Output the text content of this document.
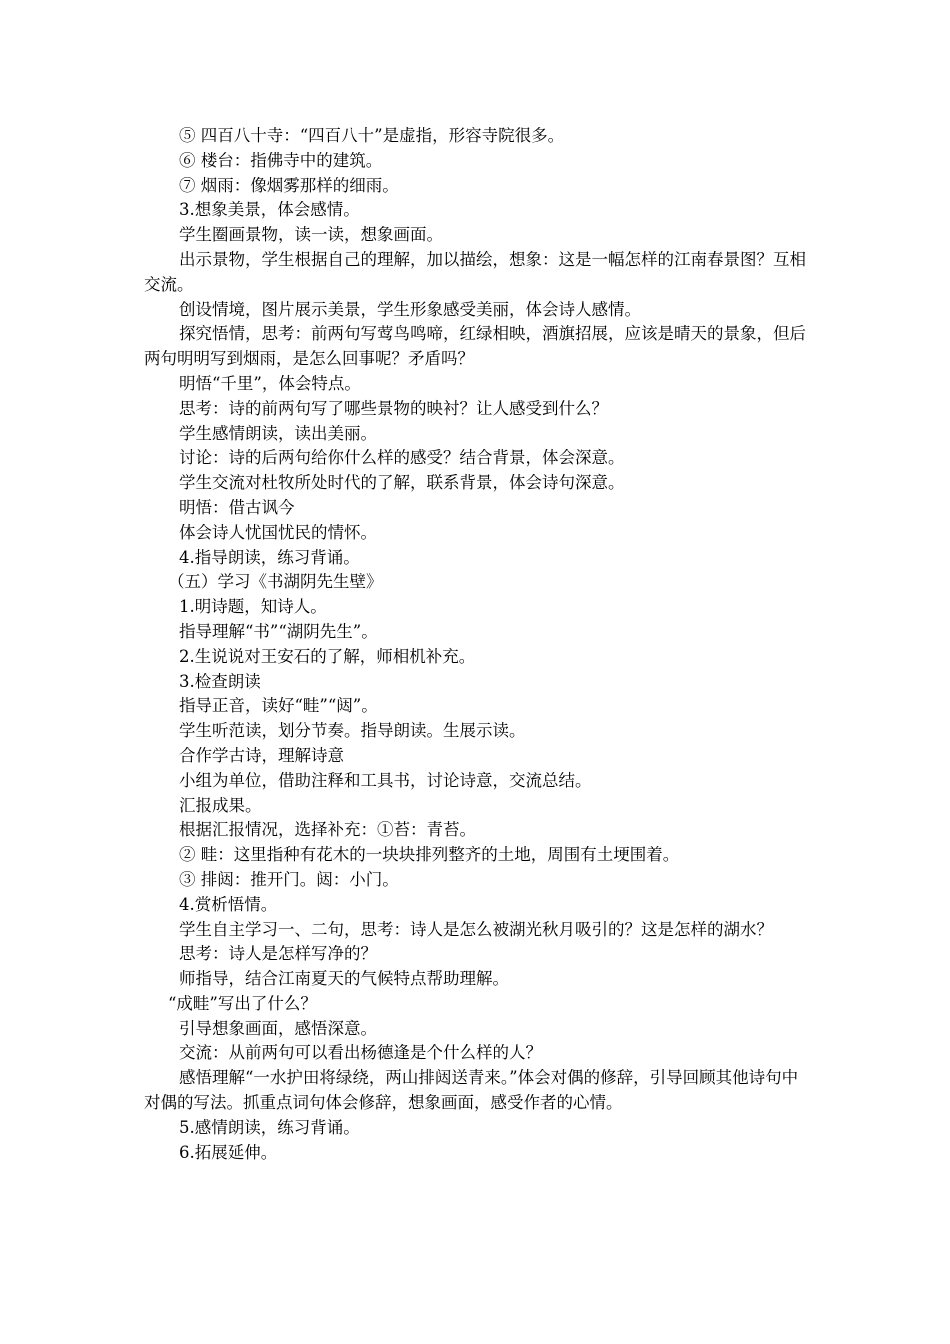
⑤ 四百八十寺：“四百八十”是虚指，形容寺院很多。

⑥ 楼台：指佛寺中的建筑。

⑦ 烟雨：像烟雾那样的细雨。

3.想象美景，体会感情。

学生圈画景物，读一读，想象画面。

出示景物，学生根据自己的理解，加以描绘，想象：这是一幅怎样的江南春景图？互相交流。

创设情境，图片展示美景，学生形象感受美丽，体会诗人感情。

探究悟情，思考：前两句写莺鸟鸣啼，红绿相映，酒旗招展，应该是晴天的景象，但后两句明明写到烟雨，是怎么回事呢？矛盾吗？

明悟“千里”，体会特点。

思考：诗的前两句写了哪些景物的映衬？让人感受到什么？

学生感情朗读，读出美丽。

讨论：诗的后两句给你什么样的感受？结合背景，体会深意。

学生交流对杜牧所处时代的了解，联系背景，体会诗句深意。

明悟：借古讽今

体会诗人忧国忧民的情怀。

4.指导朗读，练习背诵。

（五）学习《书湖阴先生壁》

1.明诗题，知诗人。

指导理解“书”“湖阴先生”。

2.生说说对王安石的了解，师相机补充。

3.检查朗读

指导正音，读好“畦”“闼”。

学生听范读，划分节奏。指导朗读。生展示读。

合作学古诗，理解诗意

小组为单位，借助注释和工具书，讨论诗意，交流总结。

汇报成果。

根据汇报情况，选择补充：①苔：青苔。

② 畦：这里指种有花木的一块块排列整齐的土地，周围有土埂围着。

③ 排闼：推开门。闼：小门。

4.赏析悟情。

学生自主学习一、二句，思考：诗人是怎么被湖光秋月吸引的？这是怎样的湖水？

思考：诗人是怎样写净的？

师指导，结合江南夏天的气候特点帮助理解。

“成畦”写出了什么？

引导想象画面，感悟深意。

交流：从前两句可以看出杨德逢是个什么样的人？

感悟理解“一水护田将绿绕，两山排闼送青来。”体会对偶的修辞，引导回顾其他诗句中对偶的写法。抓重点词句体会修辞，想象画面，感受作者的心情。

5.感情朗读，练习背诵。

6.拓展延伸。
